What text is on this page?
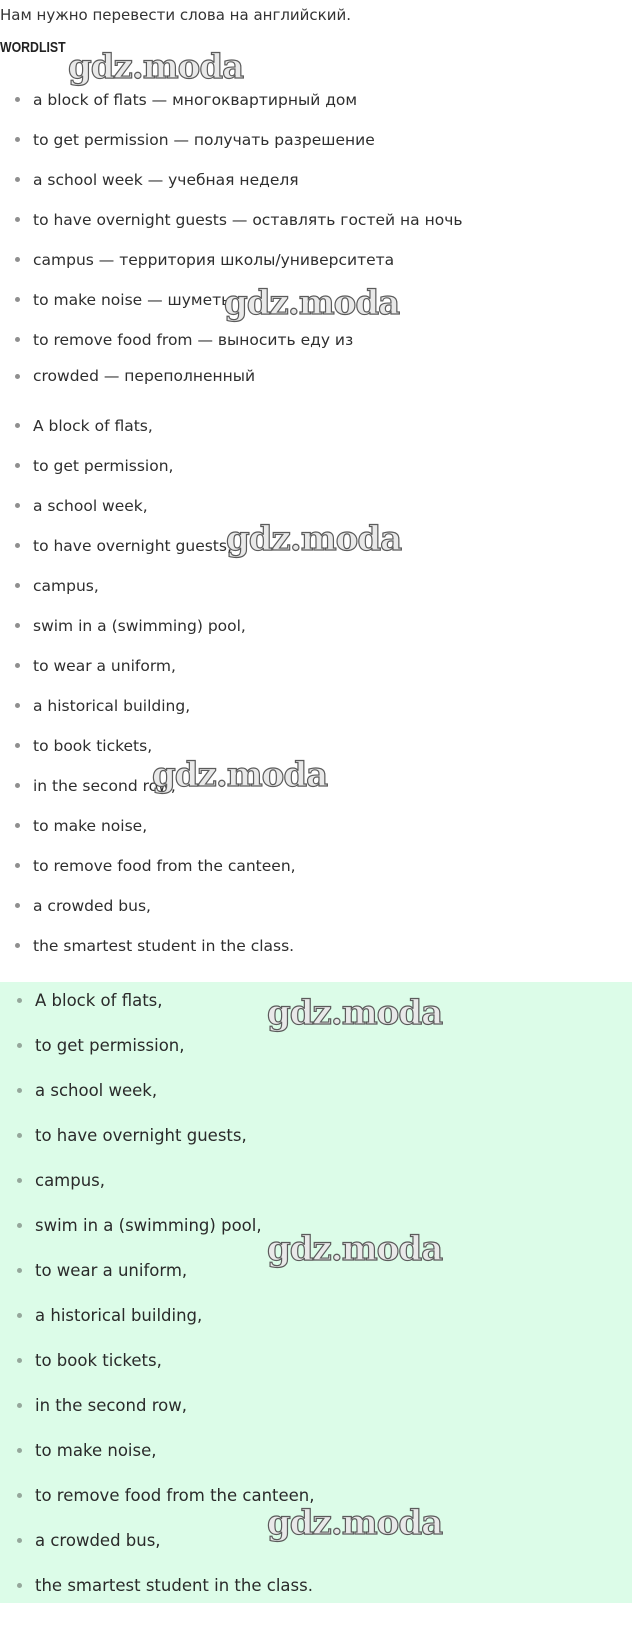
Нам нужно перевести слова на английский.

WORDLIST

a block of flats — многоквартирный дом
to get permission — получать разрешение
a school week — учебная неделя
to have overnight guests — оставлять гостей на ночь
campus — территория школы/университета
to make noise — шуметь
to remove food from — выносить еду из
crowded — переполненный
A block of flats,
to get permission,
a school week,
to have overnight guests,
campus,
swim in a (swimming) pool,
to wear a uniform,
a historical building,
to book tickets,
in the second row,
to make noise,
to remove food from the canteen,
a crowded bus,
the smartest student in the class.
A block of flats,
to get permission,
a school week,
to have overnight guests,
campus,
swim in a (swimming) pool,
to wear a uniform,
a historical building,
to book tickets,
in the second row,
to make noise,
to remove food from the canteen,
a crowded bus,
the smartest student in the class.
gdz.moda
gdz.moda
gdz.moda
gdz.moda
gdz.moda
gdz.moda
gdz.moda
